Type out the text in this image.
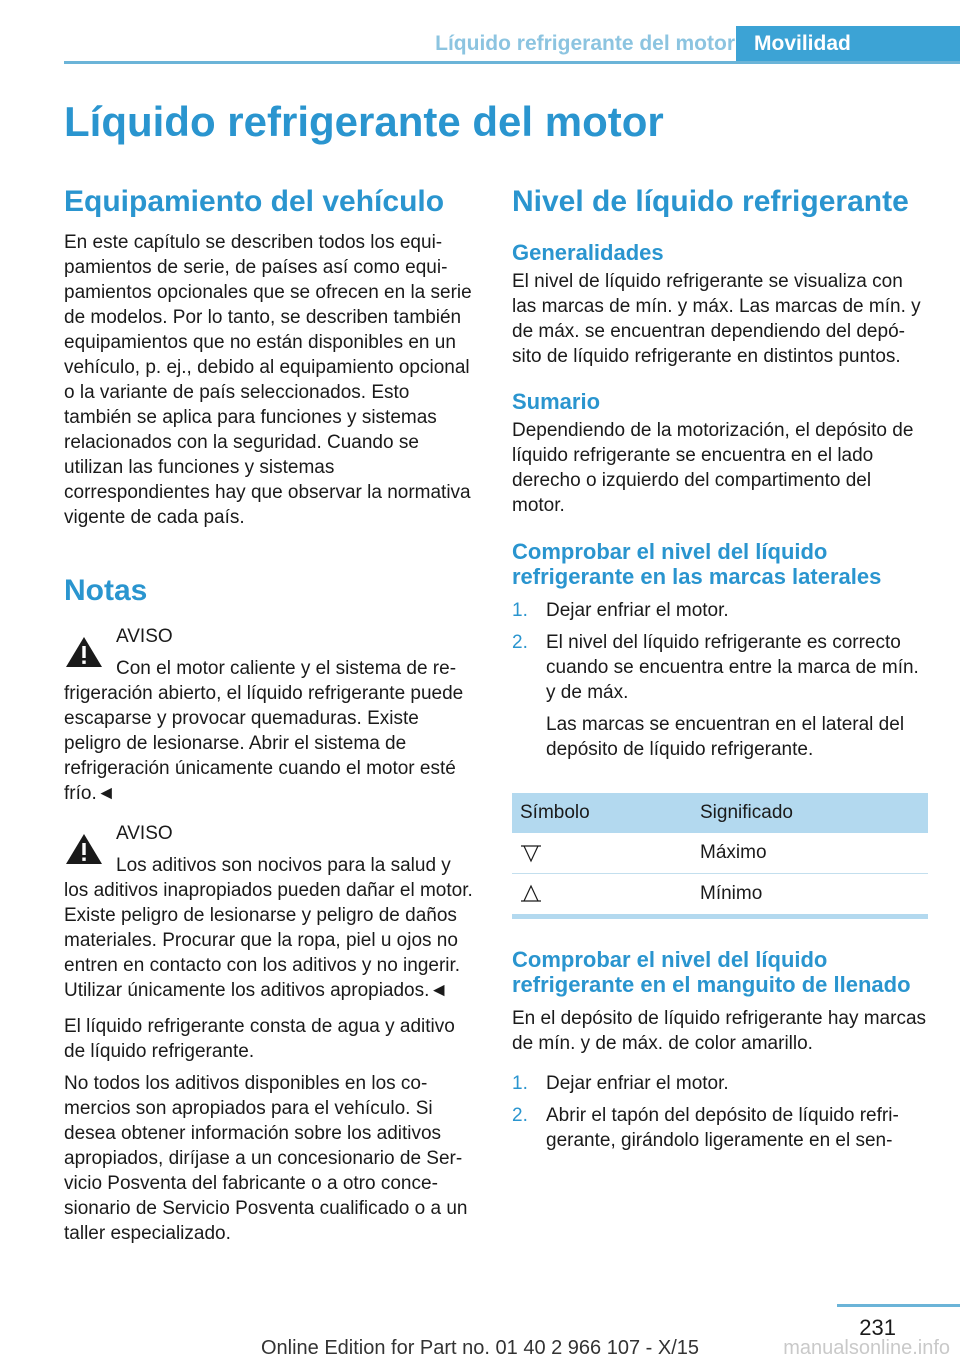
Líquido refrigerante del motor Movilidad
Líquido refrigerante del motor
Equipamiento del vehículo

En este capítulo se describen todos los equipamientos de serie, de países así como equipamientos opcionales que se ofrecen en la serie de modelos. Por lo tanto, se describen también equipamientos que no están disponibles en un vehículo, p. ej., debido al equipamiento opcional o la variante de país seleccionados. Esto también se aplica para funciones y sistemas relacionados con la seguridad. Cuando se utilizan las funciones y sistemas correspondientes hay que observar la normativa vigente de cada país.

Notas

AVISO

Con el motor caliente y el sistema de refrigeración abierto, el líquido refrigerante puede escaparse y provocar quemaduras. Existe peligro de lesionarse. Abrir el sistema de refrigeración únicamente cuando el motor esté frío.◄

AVISO

Los aditivos son nocivos para la salud y los aditivos inapropiados pueden dañar el motor. Existe peligro de lesionarse y peligro de daños materiales. Procurar que la ropa, piel u ojos no entren en contacto con los aditivos y no ingerir. Utilizar únicamente los aditivos apropiados.◄

El líquido refrigerante consta de agua y aditivo de líquido refrigerante.

No todos los aditivos disponibles en los comercios son apropiados para el vehículo. Si desea obtener información sobre los aditivos apropiados, diríjase a un concesionario de Servicio Posventa del fabricante o a otro concesionario de Servicio Posventa cualificado o a un taller especializado.

Nivel de líquido refrigerante
Generalidades

El nivel de líquido refrigerante se visualiza con las marcas de mín. y máx. Las marcas de mín. y de máx. se encuentran dependiendo del depósito de líquido refrigerante en distintos puntos.

Sumario

Dependiendo de la motorización, el depósito de líquido refrigerante se encuentra en el lado derecho o izquierdo del compartimento del motor.

Comprobar el nivel del líquido refrigerante en las marcas laterales
1. Dejar enfriar el motor.
2. El nivel del líquido refrigerante es correcto cuando se encuentra entre la marca de mín. y de máx.

Las marcas se encuentran en el lateral del depósito de líquido refrigerante.

Símbolo	Significado
	Máximo
	Mínimo
Comprobar el nivel del líquido refrigerante en el manguito de llenado

En el depósito de líquido refrigerante hay marcas de mín. y de máx. de color amarillo.

1. Dejar enfriar el motor.
2. Abrir el tapón del depósito de líquido refrigerante, girándolo ligeramente en el sen-
231
Online Edition for Part no. 01 40 2 966 107 - X/15	manualsonline.info
